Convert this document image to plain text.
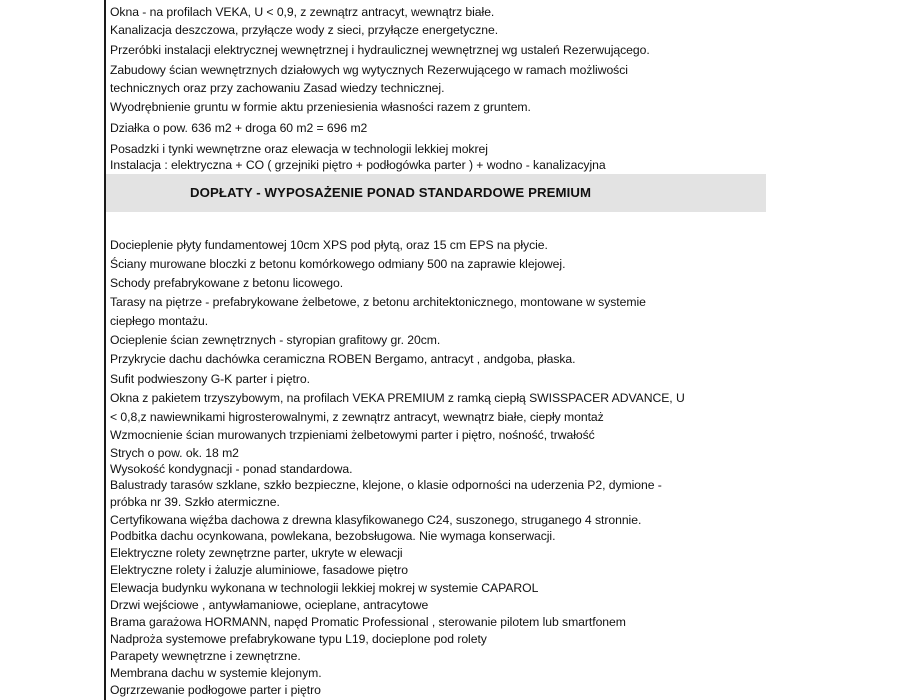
Okna - na profilach VEKA, U < 0,9, z zewnątrz antracyt, wewnątrz białe.
Kanalizacja deszczowa, przyłącze wody z sieci, przyłącze energetyczne.
Przeróbki instalacji elektrycznej wewnętrznej i hydraulicznej wewnętrznej wg ustaleń Rezerwującego.
Zabudowy ścian wewnętrznych działowych wg wytycznych Rezerwującego w ramach możliwości
technicznych oraz przy zachowaniu Zasad wiedzy technicznej.
Wyodrębnienie gruntu w formie aktu przeniesienia własności razem z gruntem.
Działka o pow. 636 m2 + droga 60 m2 = 696 m2
Posadzki i tynki wewnętrzne oraz elewacja w technologii lekkiej mokrej
Instalacja : elektryczna + CO ( grzejniki piętro + podłogówka parter ) + wodno - kanalizacyjna
DOPŁATY - WYPOSAŻENIE PONAD STANDARDOWE PREMIUM
Docieplenie płyty fundamentowej 10cm XPS pod płytą, oraz 15 cm EPS na płycie.
Ściany murowane bloczki z betonu komórkowego odmiany 500 na zaprawie klejowej.
Schody prefabrykowane z betonu licowego.
Tarasy na piętrze - prefabrykowane żelbetowe, z betonu architektonicznego, montowane w systemie
ciepłego montażu.
Ocieplenie ścian zewnętrznych - styropian grafitowy gr. 20cm.
Przykrycie dachu dachówka ceramiczna ROBEN Bergamo, antracyt , andgoba, płaska.
Sufit podwieszony G-K parter i piętro.
Okna z pakietem trzyszybowym, na profilach VEKA PREMIUM z ramką ciepłą SWISSPACER ADVANCE, U
< 0,8,z nawiewnikami higrosterowalnymi, z zewnątrz antracyt, wewnątrz białe, ciepły montaż
Wzmocnienie ścian murowanych trzpieniami żelbetowymi parter i piętro, nośność, trwałość
Strych o pow. ok. 18 m2
Wysokość kondygnacji - ponad standardowa.
Balustrady tarasów szklane, szkło bezpieczne, klejone, o klasie odporności na uderzenia P2, dymione -
próbka nr 39. Szkło atermiczne.
Certyfikowana więźba dachowa z drewna klasyfikowanego C24, suszonego, struganego 4 stronnie.
Podbitka dachu ocynkowana, powlekana, bezobsługowa. Nie wymaga konserwacji.
Elektryczne rolety zewnętrzne parter, ukryte w elewacji
Elektryczne rolety i żaluzje aluminiowe, fasadowe piętro
Elewacja budynku wykonana w technologii lekkiej mokrej w systemie CAPAROL
Drzwi wejściowe , antywłamaniowe, ocieplane, antracytowe
Brama garażowa HORMANN, napęd Promatic Professional , sterowanie pilotem lub smartfonem
Nadproża systemowe prefabrykowane typu L19, docieplone pod rolety
Parapety wewnętrzne i zewnętrzne.
Membrana dachu w systemie klejonym.
Ogrzrzewanie podłogowe parter i piętro
